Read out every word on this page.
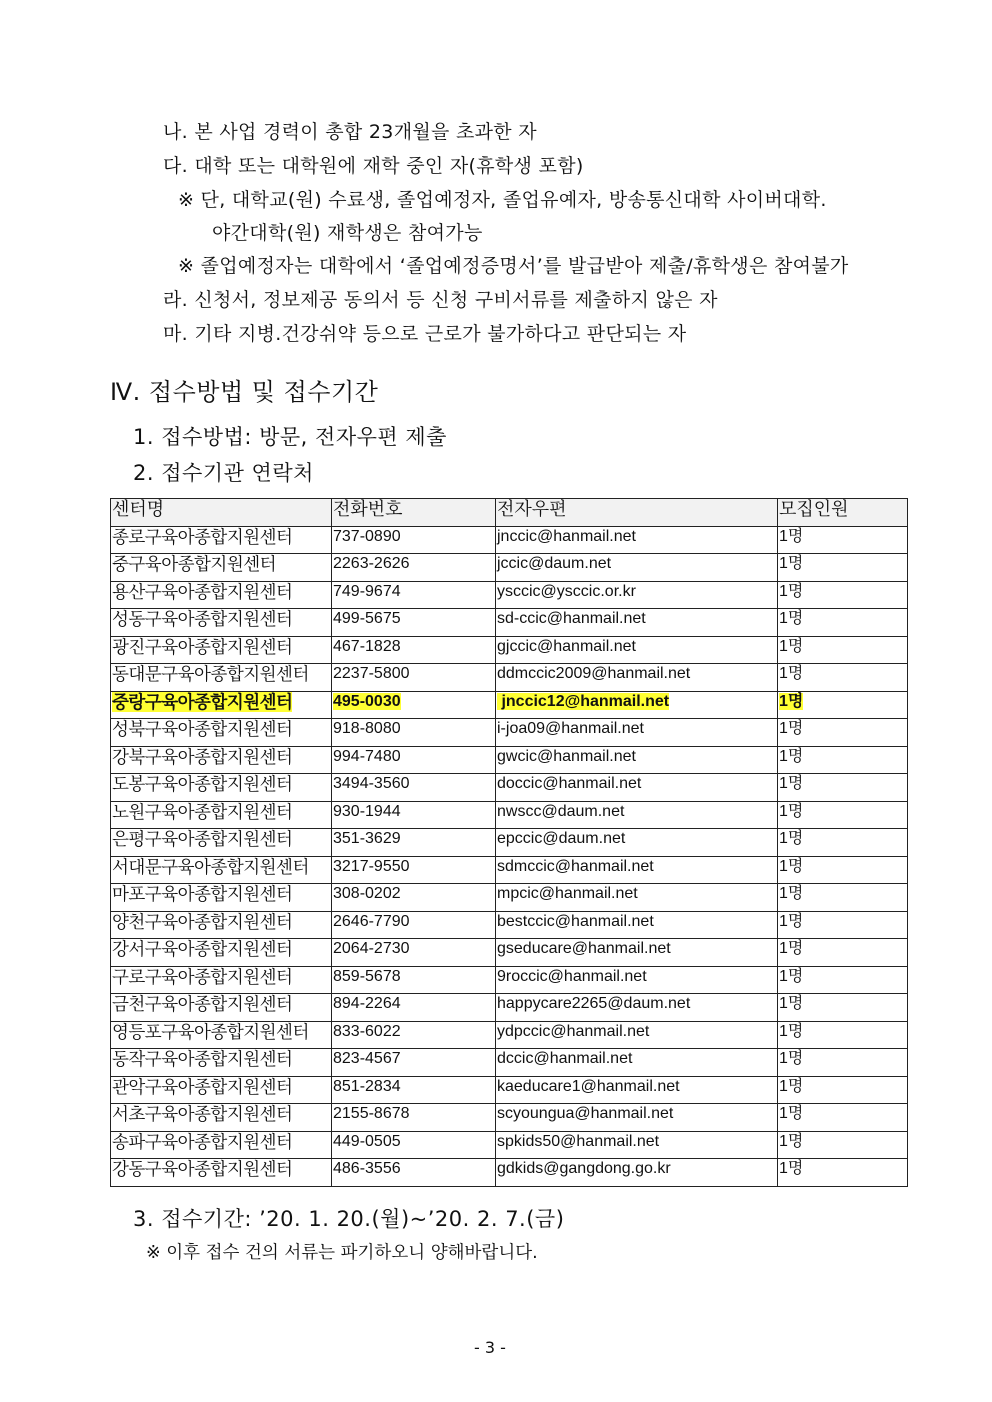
나. 본 사업 경력이 총합 23개월을 초과한 자
다. 대학 또는 대학원에 재학 중인 자(휴학생 포함)
※ 단, 대학교(원) 수료생, 졸업예정자, 졸업유예자, 방송통신대학 사이버대학.
야간대학(원) 재학생은 참여가능
※ 졸업예정자는 대학에서 ‘졸업예정증명서’를 발급받아 제출/휴학생은 참여불가
라. 신청서, 정보제공 동의서 등 신청 구비서류를 제출하지 않은 자
마. 기타 지병.건강쉬약 등으로 근로가 불가하다고 판단되는 자
Ⅳ. 접수방법 및 접수기간
1. 접수방법: 방문, 전자우편 제출
2. 접수기관 연락처
센터명	전화번호	전자우편	모집인원
종로구육아종합지원센터	737-0890	jnccic@hanmail.net	1명
중구육아종합지원센터	2263-2626	jccic@daum.net	1명
용산구육아종합지원센터	749-9674	ysccic@ysccic.or.kr	1명
성동구육아종합지원센터	499-5675	sd-ccic@hanmail.net	1명
광진구육아종합지원센터	467-1828	gjccic@hanmail.net	1명
동대문구육아종합지원센터	2237-5800	ddmccic2009@hanmail.net	1명
중랑구육아종합지원센터	495-0030	jnccic12@hanmail.net	1명
성북구육아종합지원센터	918-8080	i-joa09@hanmail.net	1명
강북구육아종합지원센터	994-7480	gwcic@hanmail.net	1명
도봉구육아종합지원센터	3494-3560	doccic@hanmail.net	1명
노원구육아종합지원센터	930-1944	nwscc@daum.net	1명
은평구육아종합지원센터	351-3629	epccic@daum.net	1명
서대문구육아종합지원센터	3217-9550	sdmccic@hanmail.net	1명
마포구육아종합지원센터	308-0202	mpcic@hanmail.net	1명
양천구육아종합지원센터	2646-7790	bestccic@hanmail.net	1명
강서구육아종합지원센터	2064-2730	gseducare@hanmail.net	1명
구로구육아종합지원센터	859-5678	9roccic@hanmail.net	1명
금천구육아종합지원센터	894-2264	happycare2265@daum.net	1명
영등포구육아종합지원센터	833-6022	ydpccic@hanmail.net	1명
동작구육아종합지원센터	823-4567	dccic@hanmail.net	1명
관악구육아종합지원센터	851-2834	kaeducare1@hanmail.net	1명
서초구육아종합지원센터	2155-8678	scyoungua@hanmail.net	1명
송파구육아종합지원센터	449-0505	spkids50@hanmail.net	1명
강동구육아종합지원센터	486-3556	gdkids@gangdong.go.kr	1명
3. 접수기간: ’20. 1. 20.(월)~’20. 2. 7.(금)
※ 이후 접수 건의 서류는 파기하오니 양해바랍니다.
- 3 -
